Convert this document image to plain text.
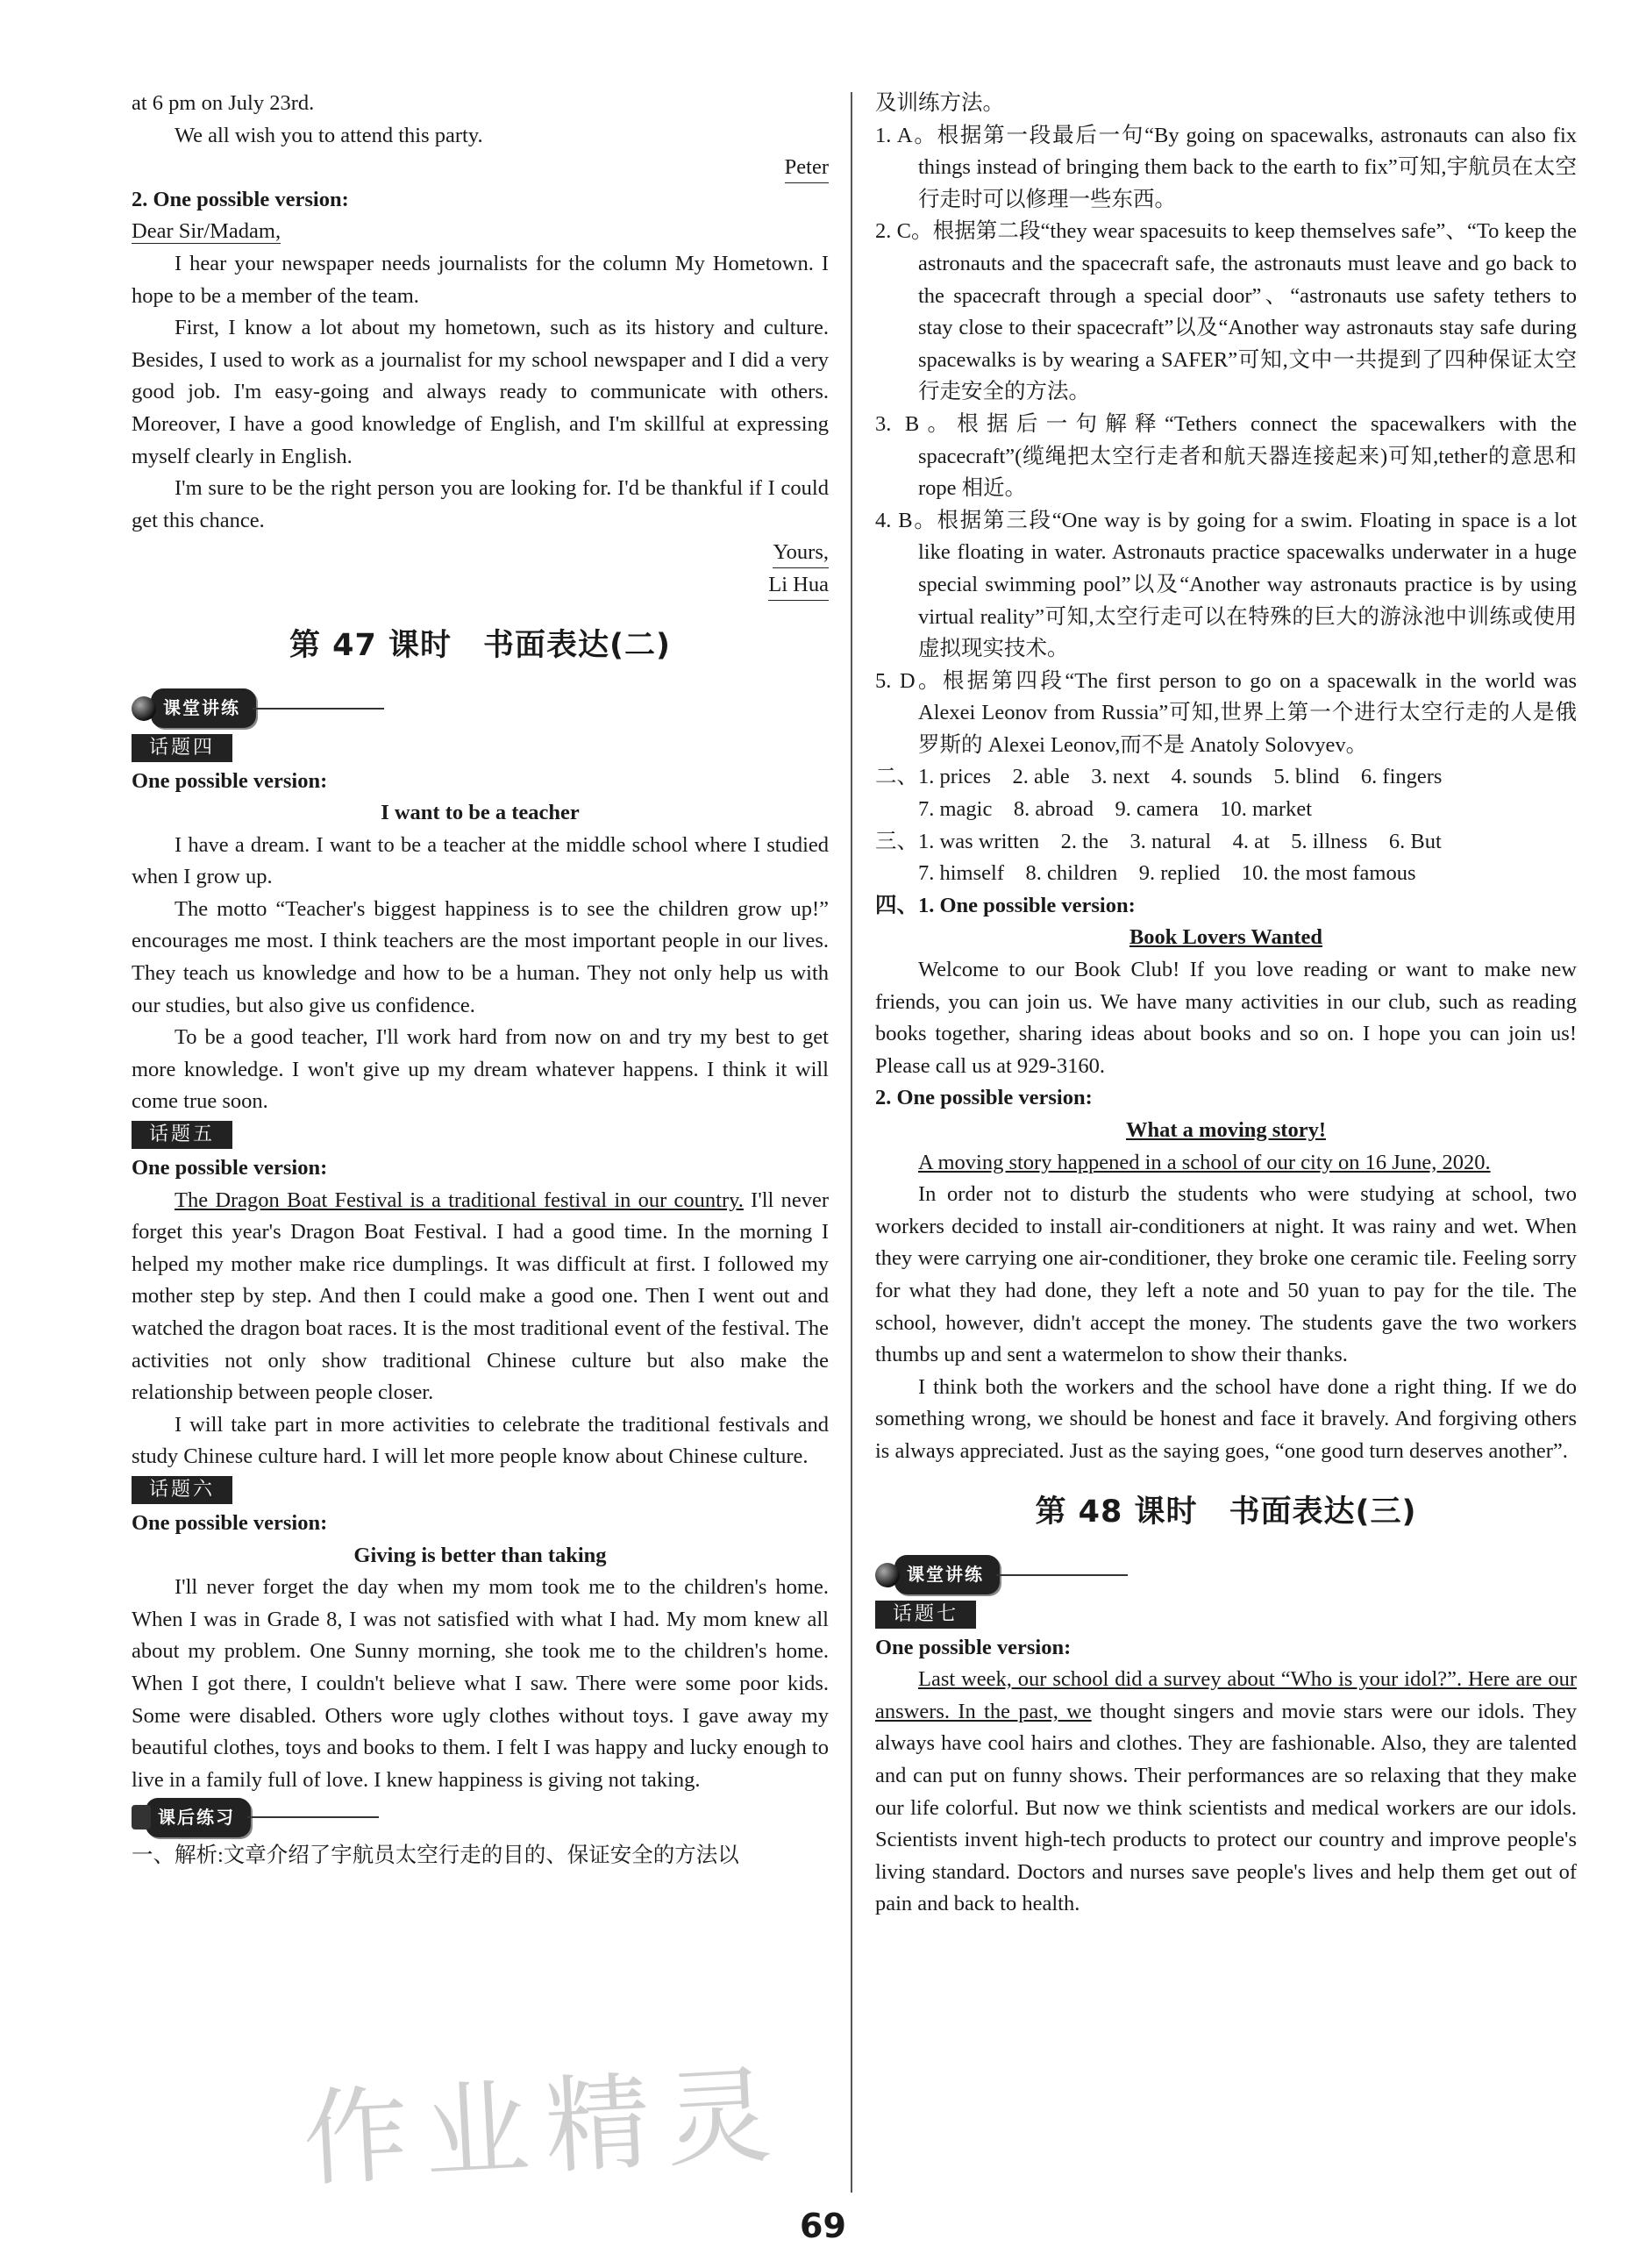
at 6 pm on July 23rd.

We all wish you to attend this party.

Peter

2. One possible version:

Dear Sir/Madam,

I hear your newspaper needs journalists for the column My Hometown. I hope to be a member of the team.

First, I know a lot about my hometown, such as its history and culture. Besides, I used to work as a journalist for my school newspaper and I did a very good job. I'm easy-going and always ready to communicate with others. Moreover, I have a good knowledge of English, and I'm skillful at expressing myself clearly in English.

I'm sure to be the right person you are looking for. I'd be thankful if I could get this chance.

Yours,

Li Hua

第 47 课时　书面表达(二)
课堂讲练
话题四

One possible version:

I want to be a teacher

I have a dream. I want to be a teacher at the middle school where I studied when I grow up.

The motto “Teacher's biggest happiness is to see the children grow up!” encourages me most. I think teachers are the most important people in our lives. They teach us knowledge and how to be a human. They not only help us with our studies, but also give us confidence.

To be a good teacher, I'll work hard from now on and try my best to get more knowledge. I won't give up my dream whatever happens. I think it will come true soon.

话题五

One possible version:

The Dragon Boat Festival is a traditional festival in our country. I'll never forget this year's Dragon Boat Festival. I had a good time. In the morning I helped my mother make rice dumplings. It was difficult at first. I followed my mother step by step. And then I could make a good one. Then I went out and watched the dragon boat races. It is the most traditional event of the festival. The activities not only show traditional Chinese culture but also make the relationship between people closer.

I will take part in more activities to celebrate the traditional festivals and study Chinese culture hard. I will let more people know about Chinese culture.

话题六

One possible version:

Giving is better than taking

I'll never forget the day when my mom took me to the children's home. When I was in Grade 8, I was not satisfied with what I had. My mom knew all about my problem. One Sunny morning, she took me to the children's home. When I got there, I couldn't believe what I saw. There were some poor kids. Some were disabled. Others wore ugly clothes without toys. I gave away my beautiful clothes, toys and books to them. I felt I was happy and lucky enough to live in a family full of love. I knew happiness is giving not taking.

课后练习

一、解析:文章介绍了宇航员太空行走的目的、保证安全的方法以

及训练方法。

1. A。根据第一段最后一句“By going on spacewalks, astronauts can also fix things instead of bringing them back to the earth to fix”可知,宇航员在太空行走时可以修理一些东西。

2. C。根据第二段“they wear spacesuits to keep themselves safe”、“To keep the astronauts and the spacecraft safe, the astronauts must leave and go back to the spacecraft through a special door”、“astronauts use safety tethers to stay close to their spacecraft”以及“Another way astronauts stay safe during spacewalks is by wearing a SAFER”可知,文中一共提到了四种保证太空行走安全的方法。

3. B。根据后一句解释“Tethers connect the spacewalkers with the spacecraft”(缆绳把太空行走者和航天器连接起来)可知,tether的意思和 rope 相近。

4. B。根据第三段“One way is by going for a swim. Floating in space is a lot like floating in water. Astronauts practice spacewalks underwater in a huge special swimming pool”以及“Another way astronauts practice is by using virtual reality”可知,太空行走可以在特殊的巨大的游泳池中训练或使用虚拟现实技术。

5. D。根据第四段“The first person to go on a spacewalk in the world was Alexei Leonov from Russia”可知,世界上第一个进行太空行走的人是俄罗斯的 Alexei Leonov,而不是 Anatoly Solovyev。

二、1. prices　2. able　3. next　4. sounds　5. blind　6. fingers

7. magic　8. abroad　9. camera　10. market

三、1. was written　2. the　3. natural　4. at　5. illness　6. But

7. himself　8. children　9. replied　10. the most famous

四、1. One possible version:

Book Lovers Wanted

Welcome to our Book Club! If you love reading or want to make new friends, you can join us. We have many activities in our club, such as reading books together, sharing ideas about books and so on. I hope you can join us! Please call us at 929-3160.

2. One possible version:

What a moving story!

A moving story happened in a school of our city on 16 June, 2020.

In order not to disturb the students who were studying at school, two workers decided to install air-conditioners at night. It was rainy and wet. When they were carrying one air-conditioner, they broke one ceramic tile. Feeling sorry for what they had done, they left a note and 50 yuan to pay for the tile. The school, however, didn't accept the money. The students gave the two workers thumbs up and sent a watermelon to show their thanks.

I think both the workers and the school have done a right thing. If we do something wrong, we should be honest and face it bravely. And forgiving others is always appreciated. Just as the saying goes, “one good turn deserves another”.

第 48 课时　书面表达(三)
课堂讲练
话题七

One possible version:

Last week, our school did a survey about “Who is your idol?”. Here are our answers. In the past, we thought singers and movie stars were our idols. They always have cool hairs and clothes. They are fashionable. Also, they are talented and can put on funny shows. Their performances are so relaxing that they make our life colorful. But now we think scientists and medical workers are our idols. Scientists invent high-tech products to protect our country and improve people's living standard. Doctors and nurses save people's lives and help them get out of pain and back to health.

作业精灵
69
